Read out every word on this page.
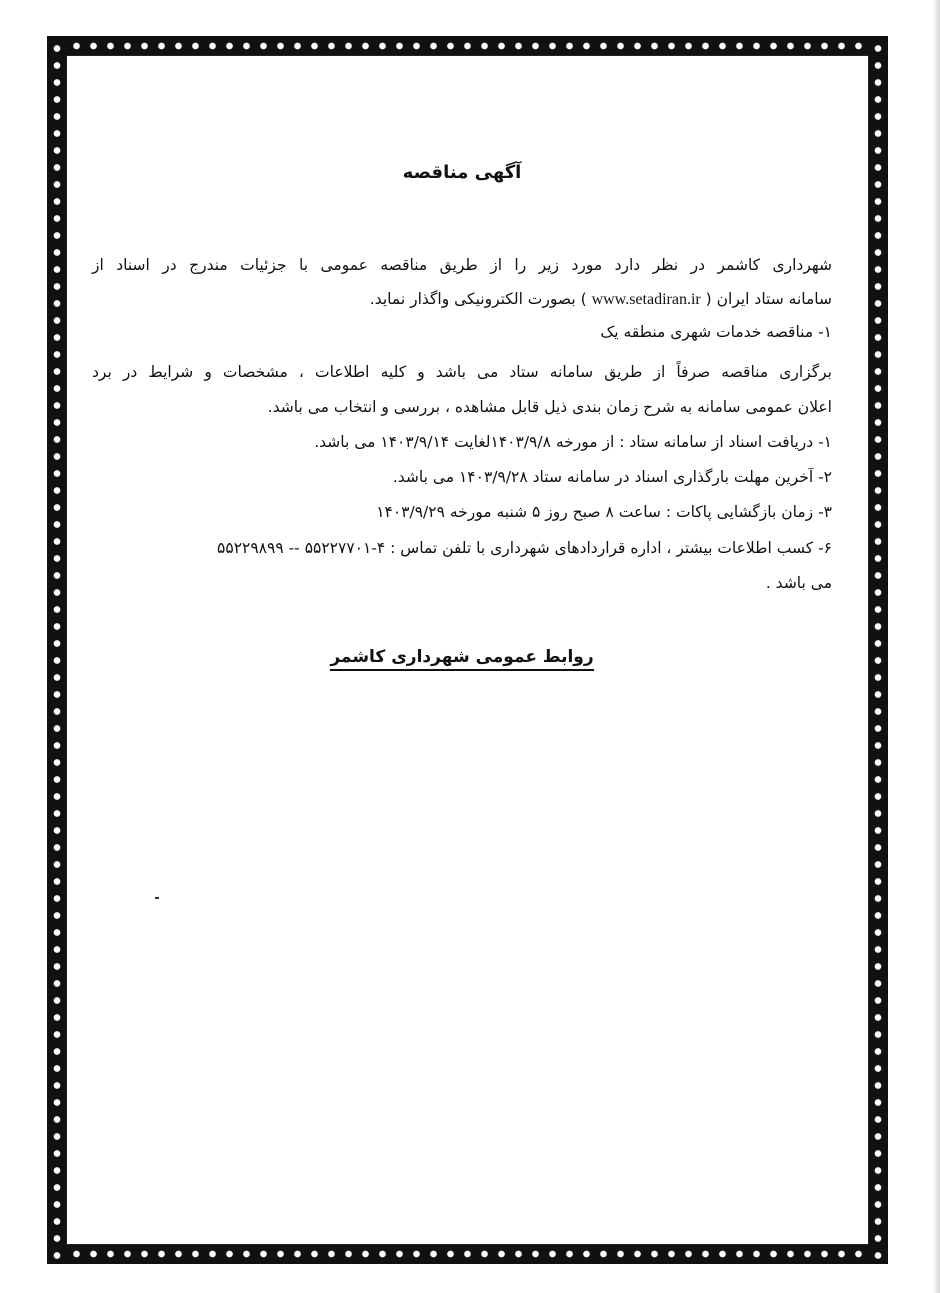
آگهی مناقصه
شهرداری کاشمر در نظر دارد مورد زیر را از طریق مناقصه عمومی با جزئیات مندرج در اسناد از
سامانه ستاد ایران ( www.setadiran.ir ) بصورت الکترونیکی واگذار نماید.
۱- مناقصه خدمات شهری منطقه یک
برگزاری مناقصه صرفاً از طریق سامانه ستاد می باشد و کلیه اطلاعات ، مشخصات و شرایط در برد
اعلان عمومی سامانه به شرح زمان بندی ذیل قابل مشاهده ، بررسی و انتخاب می باشد.
۱- دریافت اسناد از سامانه ستاد : از مورخه ۱۴۰۳/۹/۸لغایت ۱۴۰۳/۹/۱۴ می باشد.
۲- آخرین مهلت بارگذاری اسناد در سامانه ستاد ۱۴۰۳/۹/۲۸ می باشد.
۳- زمان بازگشایی پاکات : ساعت ۸ صبح روز ۵ شنبه مورخه ۱۴۰۳/۹/۲۹
۶- کسب اطلاعات بیشتر ، اداره قراردادهای شهرداری با تلفن تماس : ۴-۵۵۲۲۷۷۰۱ -- ۵۵۲۲۹۸۹۹
می باشد .
روابط عمومی شهرداری کاشمر
